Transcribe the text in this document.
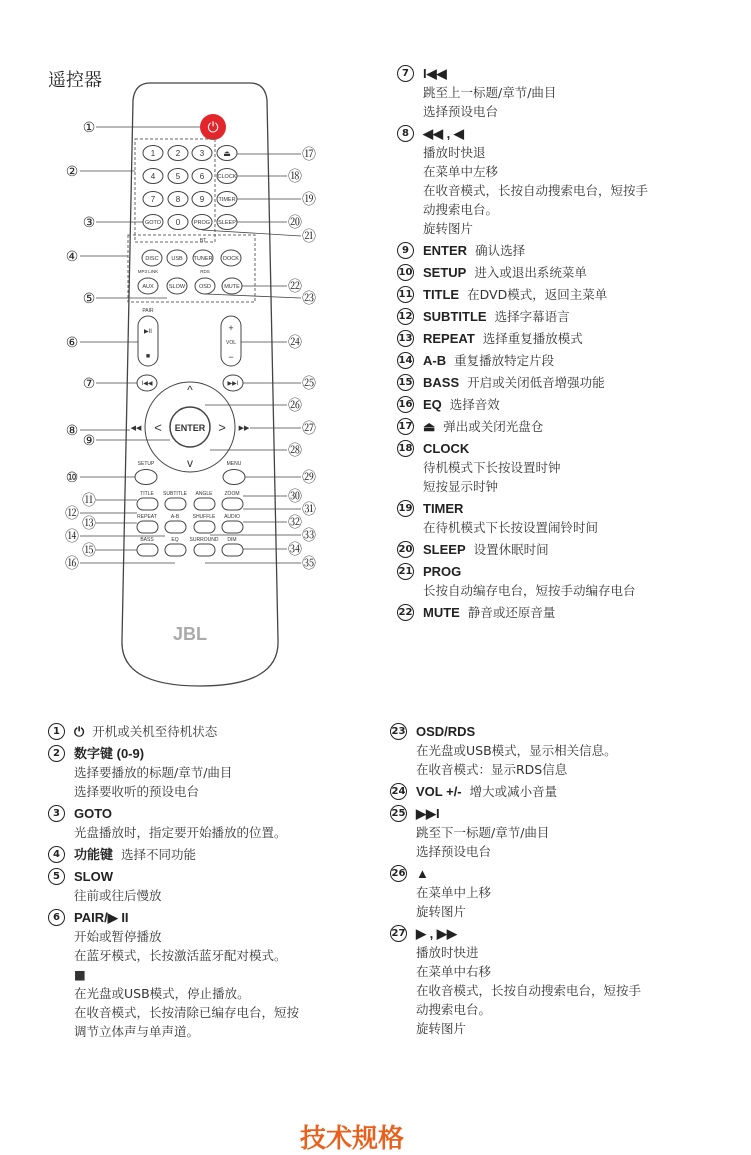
遥控器
⏻
1	2 3
4	5 6
7	8 9
0
GOTO
⏏
CLOCK
TIMER
PROG SLEEP
BT
DISC USB TUNER DOCK
MP3 LINK	RDS
AUX	SLOW	OSD MUTE
PAIR
▶II
■
+
VOL
−
I◀◀	▶▶I
◀◀	▶▶
ENTER
^
v
<	>
SETUP	MENU
TITLE SUBTITLE ANGLE ZOOM
REPEAT	A-B	SHUFFLE AUDIO
BASS	EQ SURROUND DIM
JBL
①
②
③
④
⑤
⑥
⑦
⑧
⑨
⑩
⑪
⑫
⑬
⑭
⑮
⑯
⑰
⑱
⑲
⑳
㉑
㉒
㉓
㉔
㉕
㉖
㉗
㉘
㉙
㉚
㉛
㉜
㉝
㉞
㉟
7	I◀◀
跳至上一标题/章节/曲目
选择预设电台
8	◀◀ , ◀
播放时快退
在菜单中左移
在收音模式，长按自动搜索电台，短按手
动搜索电台。
旋转图片
9	ENTER 确认选择
10 SETUP 进入或退出系统菜单
11 TITLE 在DVD模式，返回主菜单
12 SUBTITLE 选择字幕语言
13 REPEAT 选择重复播放模式
14 A-B 重复播放特定片段
15 BASS 开启或关闭低音增强功能
16 EQ 选择音效
17 ⏏ 弹出或关闭光盘仓
18 CLOCK
待机模式下长按设置时钟
短按显示时钟
19 TIMER
在待机模式下长按设置闹铃时间
20 SLEEP 设置休眠时间
21 PROG
长按自动编存电台，短按手动编存电台
22 MUTE 静音或还原音量
1	⏻ 开机或关机至待机状态
2	数字键 (0-9)
选择要播放的标题/章节/曲目
选择要收听的预设电台
3	GOTO
光盘播放时，指定要开始播放的位置。
4	功能键 选择不同功能
5	SLOW
往前或往后慢放
6	PAIR/▶ II
开始或暂停播放
在蓝牙模式，长按激活蓝牙配对模式。
■
在光盘或USB模式，停止播放。
在收音模式，长按清除已编存电台，短按
调节立体声与单声道。
23 OSD/RDS
在光盘或USB模式，显示相关信息。
在收音模式：显示RDS信息
24 VOL +/- 增大或减小音量
25 ▶▶I
跳至下一标题/章节/曲目
选择预设电台
26 ▲
在菜单中上移
旋转图片
27 ▶ , ▶▶
播放时快进
在菜单中右移
在收音模式，长按自动搜索电台，短按手
动搜索电台。
旋转图片
技术规格
